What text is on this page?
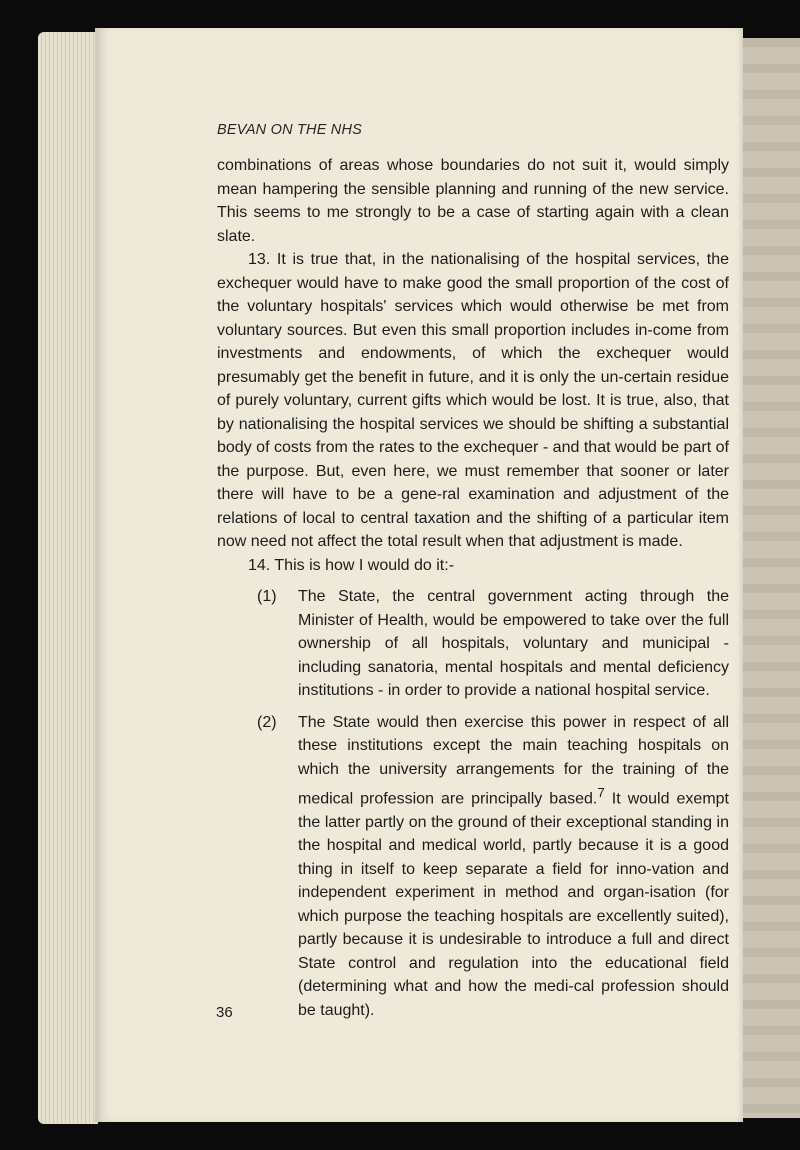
BEVAN ON THE NHS

combinations of areas whose boundaries do not suit it, would simply mean hampering the sensible planning and running of the new service. This seems to me strongly to be a case of starting again with a clean slate.

13. It is true that, in the nationalising of the hospital services, the exchequer would have to make good the small proportion of the cost of the voluntary hospitals' services which would otherwise be met from voluntary sources. But even this small proportion includes in-come from investments and endowments, of which the exchequer would presumably get the benefit in future, and it is only the un-certain residue of purely voluntary, current gifts which would be lost. It is true, also, that by nationalising the hospital services we should be shifting a substantial body of costs from the rates to the exchequer - and that would be part of the purpose. But, even here, we must remember that sooner or later there will have to be a gene-ral examination and adjustment of the relations of local to central taxation and the shifting of a particular item now need not affect the total result when that adjustment is made.

14. This is how I would do it:-

(1) The State, the central government acting through the Minister of Health, would be empowered to take over the full ownership of all hospitals, voluntary and municipal - including sanatoria, mental hospitals and mental deficiency institutions - in order to provide a national hospital service.
(2) The State would then exercise this power in respect of all these institutions except the main teaching hospitals on which the university arrangements for the training of the medical profession are principally based.$^7$ It would exempt the latter partly on the ground of their exceptional standing in the hospital and medical world, partly because it is a good thing in itself to keep separate a field for inno-vation and independent experiment in method and organ-isation (for which purpose the teaching hospitals are excellently suited), partly because it is undesirable to introduce a full and direct State control and regulation into the educational field (determining what and how the medi-cal profession should be taught).
36
